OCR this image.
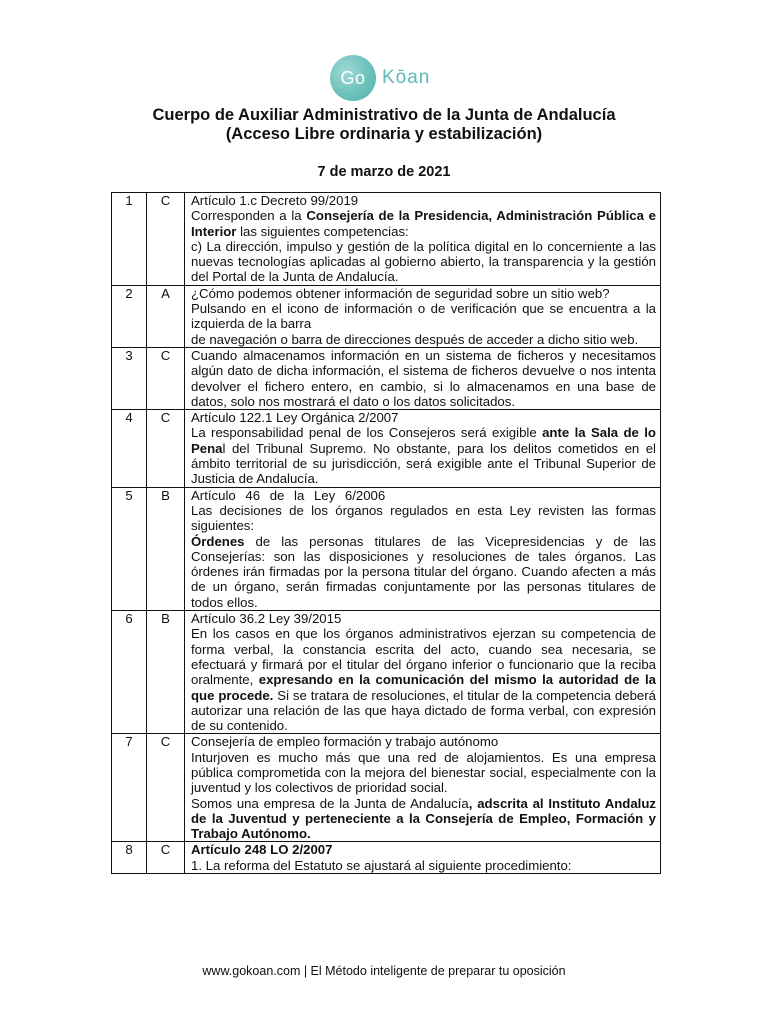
Go Kōan
Cuerpo de Auxiliar Administrativo de la Junta de Andalucía
(Acceso Libre ordinaria y estabilización)
7 de marzo de 2021
1	C	Artículo 1.c Decreto 99/2019
Corresponden a la Consejería de la Presidencia, Administración Pública e Interior las siguientes competencias:
c) La dirección, impulso y gestión de la política digital en lo concerniente a las nuevas tecnologías aplicadas al gobierno abierto, la transparencia y la gestión del Portal de la Junta de Andalucía.

2	A	¿Cómo podemos obtener información de seguridad sobre un sitio web?
Pulsando en el icono de información o de verificación que se encuentra a la izquierda de la barra
de navegación o barra de direcciones después de acceder a dicho sitio web.

3	C	Cuando almacenamos información en un sistema de ficheros y necesitamos algún dato de dicha información, el sistema de ficheros devuelve o nos intenta devolver el fichero entero, en cambio, si lo almacenamos en una base de datos, solo nos mostrará el dato o los datos solicitados.

4	C	Artículo 122.1 Ley Orgánica 2/2007
La responsabilidad penal de los Consejeros será exigible ante la Sala de lo Penal del Tribunal Supremo. No obstante, para los delitos cometidos en el ámbito territorial de su jurisdicción, será exigible ante el Tribunal Superior de Justicia de Andalucía.

5	B	Artículo 46 de la Ley 6/2006
Las decisiones de los órganos regulados en esta Ley revisten las formas siguientes:
Órdenes de las personas titulares de las Vicepresidencias y de las Consejerías: son las disposiciones y resoluciones de tales órganos. Las órdenes irán firmadas por la persona titular del órgano. Cuando afecten a más de un órgano, serán firmadas conjuntamente por las personas titulares de todos ellos.

6	B	Artículo 36.2 Ley 39/2015
En los casos en que los órganos administrativos ejerzan su competencia de forma verbal, la constancia escrita del acto, cuando sea necesaria, se efectuará y firmará por el titular del órgano inferior o funcionario que la reciba oralmente, expresando en la comunicación del mismo la autoridad de la que procede. Si se tratara de resoluciones, el titular de la competencia deberá autorizar una relación de las que haya dictado de forma verbal, con expresión de su contenido.

7	C	Consejería de empleo formación y trabajo autónomo
Inturjoven es mucho más que una red de alojamientos. Es una empresa pública comprometida con la mejora del bienestar social, especialmente con la juventud y los colectivos de prioridad social.
Somos una empresa de la Junta de Andalucía, adscrita al Instituto Andaluz de la Juventud y perteneciente a la Consejería de Empleo, Formación y Trabajo Autónomo.

8	C	Artículo 248 LO 2/2007
1. La reforma del Estatuto se ajustará al siguiente procedimiento:
www.gokoan.com | El Método inteligente de preparar tu oposición
